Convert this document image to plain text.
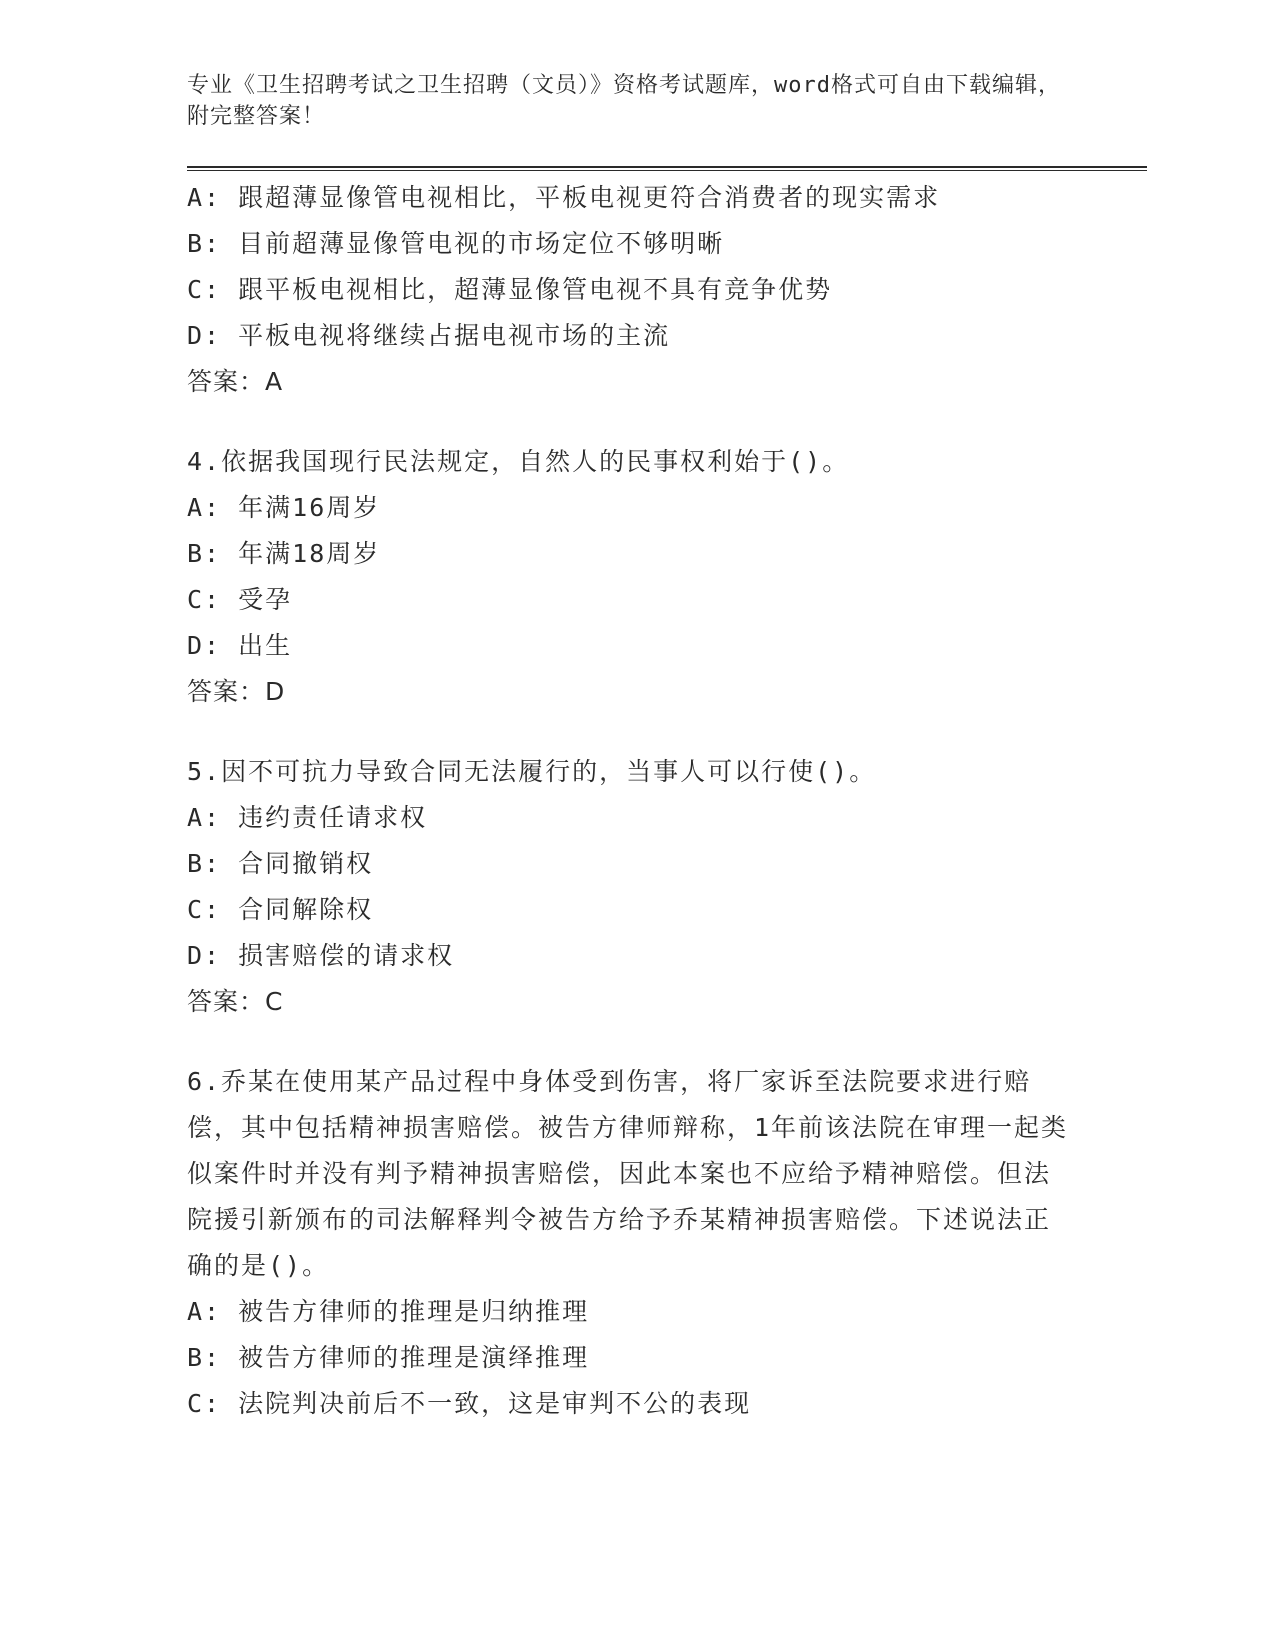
专业《卫生招聘考试之卫生招聘（文员）》资格考试题库，word格式可自由下载编辑，附完整答案！

A: 跟超薄显像管电视相比，平板电视更符合消费者的现实需求
B: 目前超薄显像管电视的市场定位不够明晰
C: 跟平板电视相比，超薄显像管电视不具有竞争优势
D: 平板电视将继续占据电视市场的主流
答案：A
4.依据我国现行民法规定，自然人的民事权利始于()。
A: 年满16周岁
B: 年满18周岁
C: 受孕
D: 出生
答案：D
5.因不可抗力导致合同无法履行的，当事人可以行使()。
A: 违约责任请求权
B: 合同撤销权
C: 合同解除权
D: 损害赔偿的请求权
答案：C
6.乔某在使用某产品过程中身体受到伤害，将厂家诉至法院要求进行赔偿，其中包括精神损害赔偿。被告方律师辩称，1年前该法院在审理一起类似案件时并没有判予精神损害赔偿，因此本案也不应给予精神赔偿。但法院援引新颁布的司法解释判令被告方给予乔某精神损害赔偿。下述说法正确的是()。
A: 被告方律师的推理是归纳推理
B: 被告方律师的推理是演绎推理
C: 法院判决前后不一致，这是审判不公的表现
